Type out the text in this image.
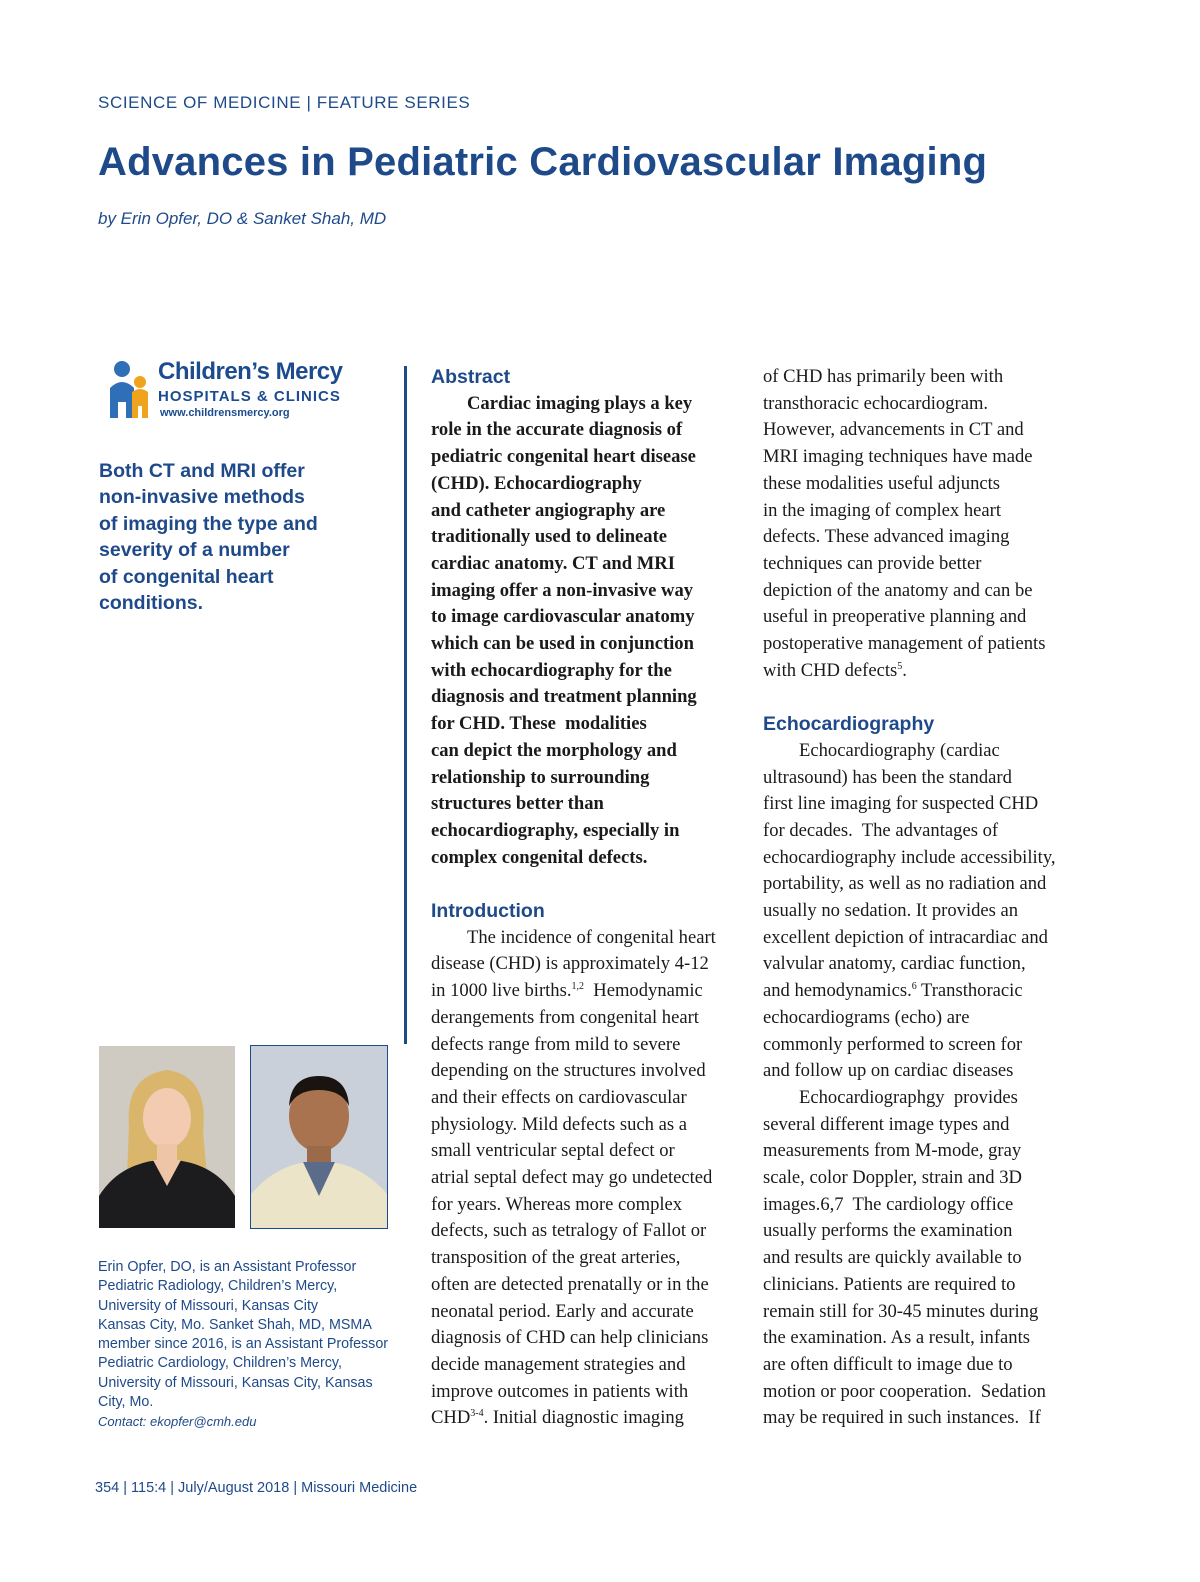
SCIENCE OF MEDICINE | FEATURE SERIES
Advances in Pediatric Cardiovascular Imaging
by Erin Opfer, DO & Sanket Shah, MD
Children’s Mercy
HOSPITALS & CLINICS
www.childrensmercy.org
Both CT and MRI offer
non-invasive methods
of imaging the type and
severity of a number
of congenital heart
conditions.
Erin Opfer, DO, is an Assistant Professor
Pediatric Radiology, Children’s Mercy,
University of Missouri, Kansas City
Kansas City, Mo. Sanket Shah, MD, MSMA
member since 2016, is an Assistant Professor
Pediatric Cardiology, Children’s Mercy,
University of Missouri, Kansas City, Kansas
City, Mo.
Contact: ekopfer@cmh.edu
Abstract
Cardiac imaging plays a key
role in the accurate diagnosis of
pediatric congenital heart disease
(CHD). Echocardiography
and catheter angiography are
traditionally used to delineate
cardiac anatomy. CT and MRI
imaging offer a non-invasive way
to image cardiovascular anatomy
which can be used in conjunction
with echocardiography for the
diagnosis and treatment planning
for CHD. These  modalities
can depict the morphology and
relationship to surrounding
structures better than
echocardiography, especially in
complex congenital defects.
Introduction
The incidence of congenital heart
disease (CHD) is approximately 4-12
in 1000 live births.$^{1,2}$  Hemodynamic
derangements from congenital heart
defects range from mild to severe
depending on the structures involved
and their effects on cardiovascular
physiology. Mild defects such as a
small ventricular septal defect or
atrial septal defect may go undetected
for years. Whereas more complex
defects, such as tetralogy of Fallot or
transposition of the great arteries,
often are detected prenatally or in the
neonatal period. Early and accurate
diagnosis of CHD can help clinicians
decide management strategies and
improve outcomes in patients with
CHD$^{3-4}$. Initial diagnostic imaging
of CHD has primarily been with
transthoracic echocardiogram.
However, advancements in CT and
MRI imaging techniques have made
these modalities useful adjuncts
in the imaging of complex heart
defects. These advanced imaging
techniques can provide better
depiction of the anatomy and can be
useful in preoperative planning and
postoperative management of patients
with CHD defects$^5$.
Echocardiography
Echocardiography (cardiac
ultrasound) has been the standard
first line imaging for suspected CHD
for decades.  The advantages of
echocardiography include accessibility,
portability, as well as no radiation and
usually no sedation. It provides an
excellent depiction of intracardiac and
valvular anatomy, cardiac function,
and hemodynamics.$^6$ Transthoracic
echocardiograms (echo) are
commonly performed to screen for
and follow up on cardiac diseases
Echocardiographgy  provides
several different image types and
measurements from M-mode, gray
scale, color Doppler, strain and 3D
images.6,7  The cardiology office
usually performs the examination
and results are quickly available to
clinicians. Patients are required to
remain still for 30-45 minutes during
the examination. As a result, infants
are often difficult to image due to
motion or poor cooperation.  Sedation
may be required in such instances.  If
354 | 115:4 | July/August 2018 | Missouri Medicine
